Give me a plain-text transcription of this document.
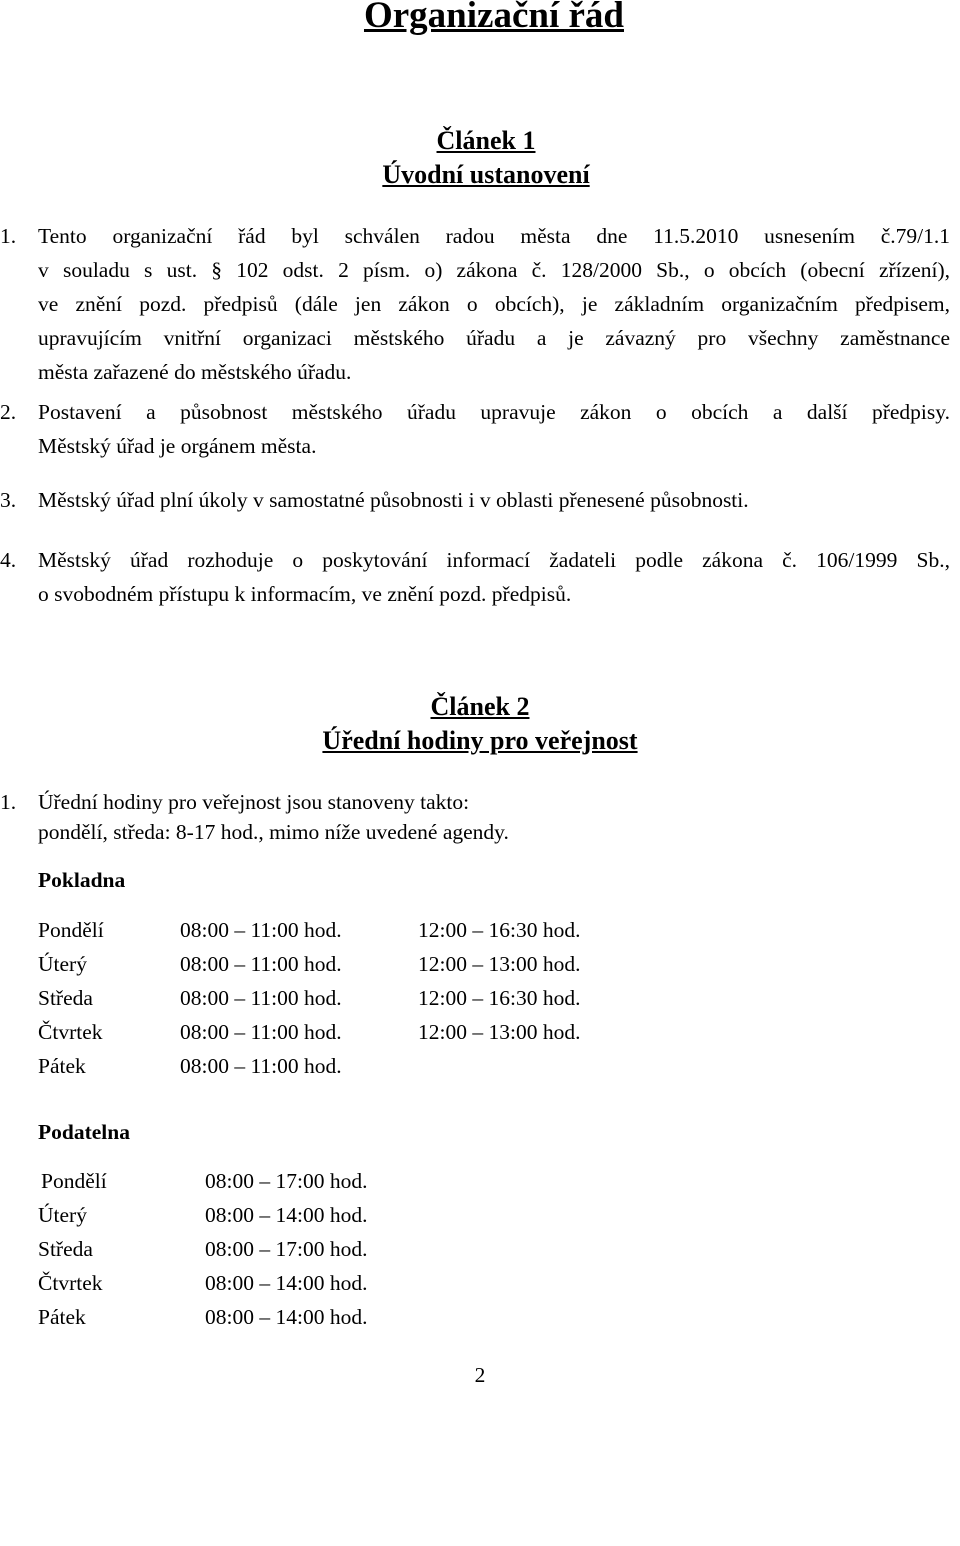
Organizační řád
Článek 1
Úvodní ustanovení
1. Tento organizační řád byl schválen radou města dne 11.5.2010 usnesením č.79/1.1
v souladu s ust. § 102 odst. 2 písm. o) zákona č. 128/2000 Sb., o obcích (obecní zřízení),
ve znění pozd. předpisů (dále jen zákon o obcích), je základním organizačním předpisem,
upravujícím vnitřní organizaci městského úřadu a je závazný pro všechny zaměstnance
města zařazené do městského úřadu.
2. Postavení a působnost městského úřadu upravuje zákon o obcích a další předpisy.
Městský úřad je orgánem města.
3. Městský úřad plní úkoly v samostatné působnosti i v oblasti přenesené působnosti.
4. Městský úřad rozhoduje o poskytování informací žadateli podle zákona č. 106/1999 Sb.,
o svobodném přístupu k informacím, ve znění pozd. předpisů.
Článek 2
Úřední hodiny pro veřejnost
1. Úřední hodiny pro veřejnost jsou stanoveny takto:
pondělí, středa: 8-17 hod., mimo níže uvedené agendy.
Pokladna
Pondělí	08:00 – 11:00 hod.	12:00 – 16:30 hod.
Úterý	08:00 – 11:00 hod.	12:00 – 13:00 hod.
Středa	08:00 – 11:00 hod.	12:00 – 16:30 hod.
Čtvrtek	08:00 – 11:00 hod.	12:00 – 13:00 hod.
Pátek	08:00 – 11:00 hod.
Podatelna
Pondělí	08:00 – 17:00 hod.
Úterý	08:00 – 14:00 hod.
Středa	08:00 – 17:00 hod.
Čtvrtek	08:00 – 14:00 hod.
Pátek	08:00 – 14:00 hod.
2
